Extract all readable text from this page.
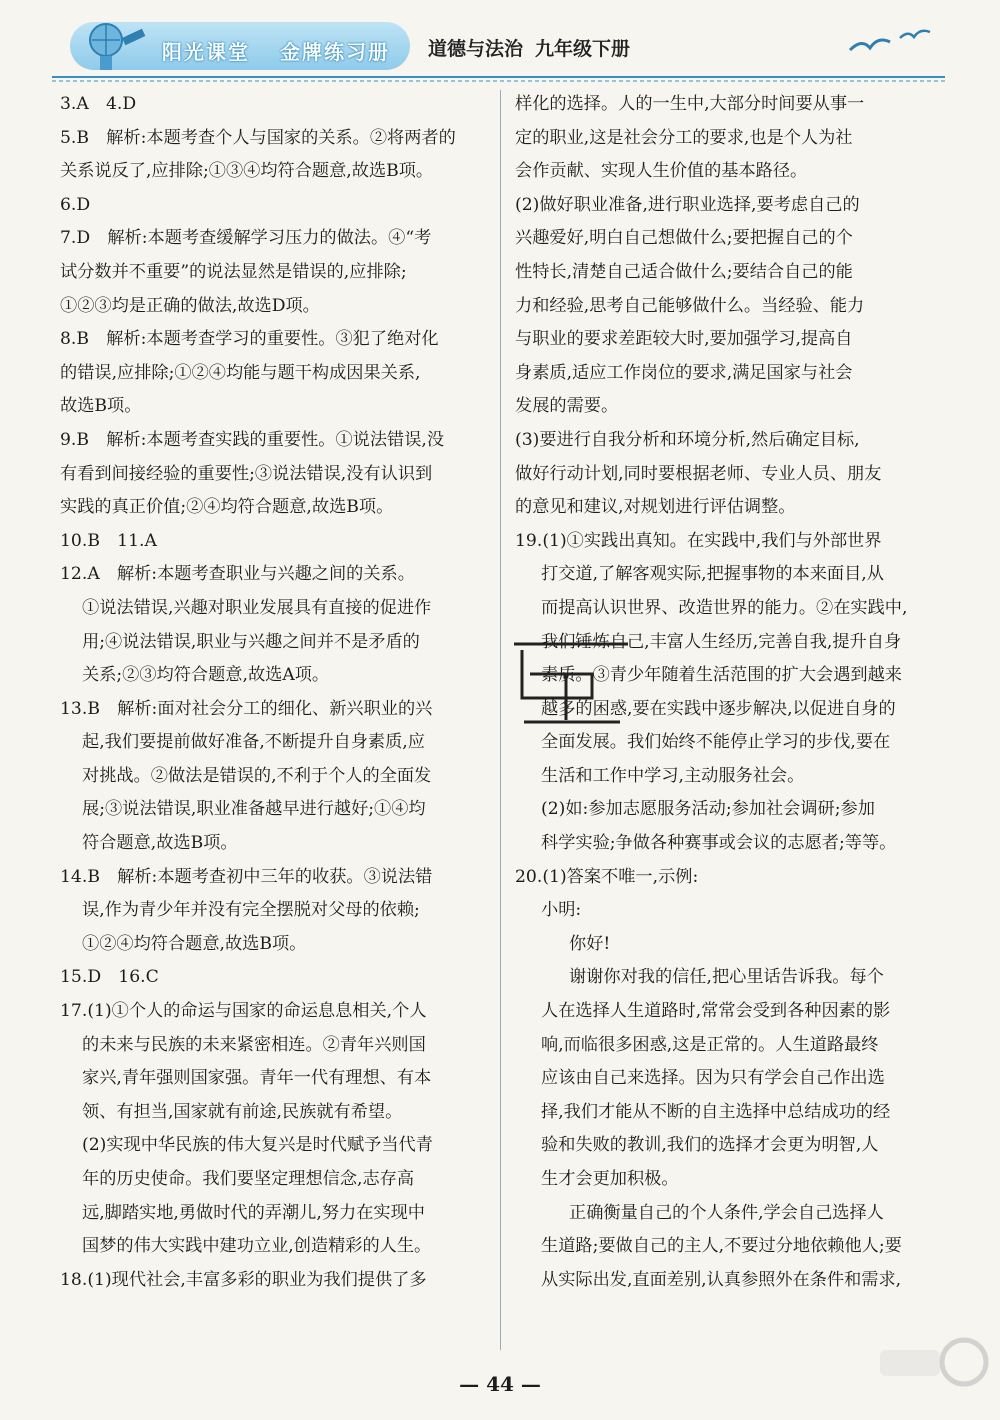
阳光课堂 金牌练习册 道德与法治 九年级下册
3.A　4.D
5.B　解析:本题考查个人与国家的关系。②将两者的
关系说反了,应排除;①③④均符合题意,故选B项。
6.D
7.D　解析:本题考查缓解学习压力的做法。④“考
试分数并不重要”的说法显然是错误的,应排除;
①②③均是正确的做法,故选D项。
8.B　解析:本题考查学习的重要性。③犯了绝对化
的错误,应排除;①②④均能与题干构成因果关系,
故选B项。
9.B　解析:本题考查实践的重要性。①说法错误,没
有看到间接经验的重要性;③说法错误,没有认识到
实践的真正价值;②④均符合题意,故选B项。
10.B　11.A
12.A　解析:本题考查职业与兴趣之间的关系。
①说法错误,兴趣对职业发展具有直接的促进作
用;④说法错误,职业与兴趣之间并不是矛盾的
关系;②③均符合题意,故选A项。
13.B　解析:面对社会分工的细化、新兴职业的兴
起,我们要提前做好准备,不断提升自身素质,应
对挑战。②做法是错误的,不利于个人的全面发
展;③说法错误,职业准备越早进行越好;①④均
符合题意,故选B项。
14.B　解析:本题考查初中三年的收获。③说法错
误,作为青少年并没有完全摆脱对父母的依赖;
①②④均符合题意,故选B项。
15.D　16.C
17.(1)①个人的命运与国家的命运息息相关,个人
的未来与民族的未来紧密相连。②青年兴则国
家兴,青年强则国家强。青年一代有理想、有本
领、有担当,国家就有前途,民族就有希望。
(2)实现中华民族的伟大复兴是时代赋予当代青
年的历史使命。我们要坚定理想信念,志存高
远,脚踏实地,勇做时代的弄潮儿,努力在实现中
国梦的伟大实践中建功立业,创造精彩的人生。
18.(1)现代社会,丰富多彩的职业为我们提供了多
样化的选择。人的一生中,大部分时间要从事一
定的职业,这是社会分工的要求,也是个人为社
会作贡献、实现人生价值的基本路径。
(2)做好职业准备,进行职业选择,要考虑自己的
兴趣爱好,明白自己想做什么;要把握自己的个
性特长,清楚自己适合做什么;要结合自己的能
力和经验,思考自己能够做什么。当经验、能力
与职业的要求差距较大时,要加强学习,提高自
身素质,适应工作岗位的要求,满足国家与社会
发展的需要。
(3)要进行自我分析和环境分析,然后确定目标,
做好行动计划,同时要根据老师、专业人员、朋友
的意见和建议,对规划进行评估调整。
19.(1)①实践出真知。在实践中,我们与外部世界
打交道,了解客观实际,把握事物的本来面目,从
而提高认识世界、改造世界的能力。②在实践中,
我们锤炼自己,丰富人生经历,完善自我,提升自身
素质。③青少年随着生活范围的扩大会遇到越来
越多的困惑,要在实践中逐步解决,以促进自身的
全面发展。我们始终不能停止学习的步伐,要在
生活和工作中学习,主动服务社会。
(2)如:参加志愿服务活动;参加社会调研;参加
科学实验;争做各种赛事或会议的志愿者;等等。
20.(1)答案不唯一,示例:
小明:
你好!
谢谢你对我的信任,把心里话告诉我。每个
人在选择人生道路时,常常会受到各种因素的影
响,而临很多困惑,这是正常的。人生道路最终
应该由自己来选择。因为只有学会自己作出选
择,我们才能从不断的自主选择中总结成功的经
验和失败的教训,我们的选择才会更为明智,人
生才会更加积极。
正确衡量自己的个人条件,学会自己选择人
生道路;要做自己的主人,不要过分地依赖他人;要
从实际出发,直面差别,认真参照外在条件和需求,
— 44 —
